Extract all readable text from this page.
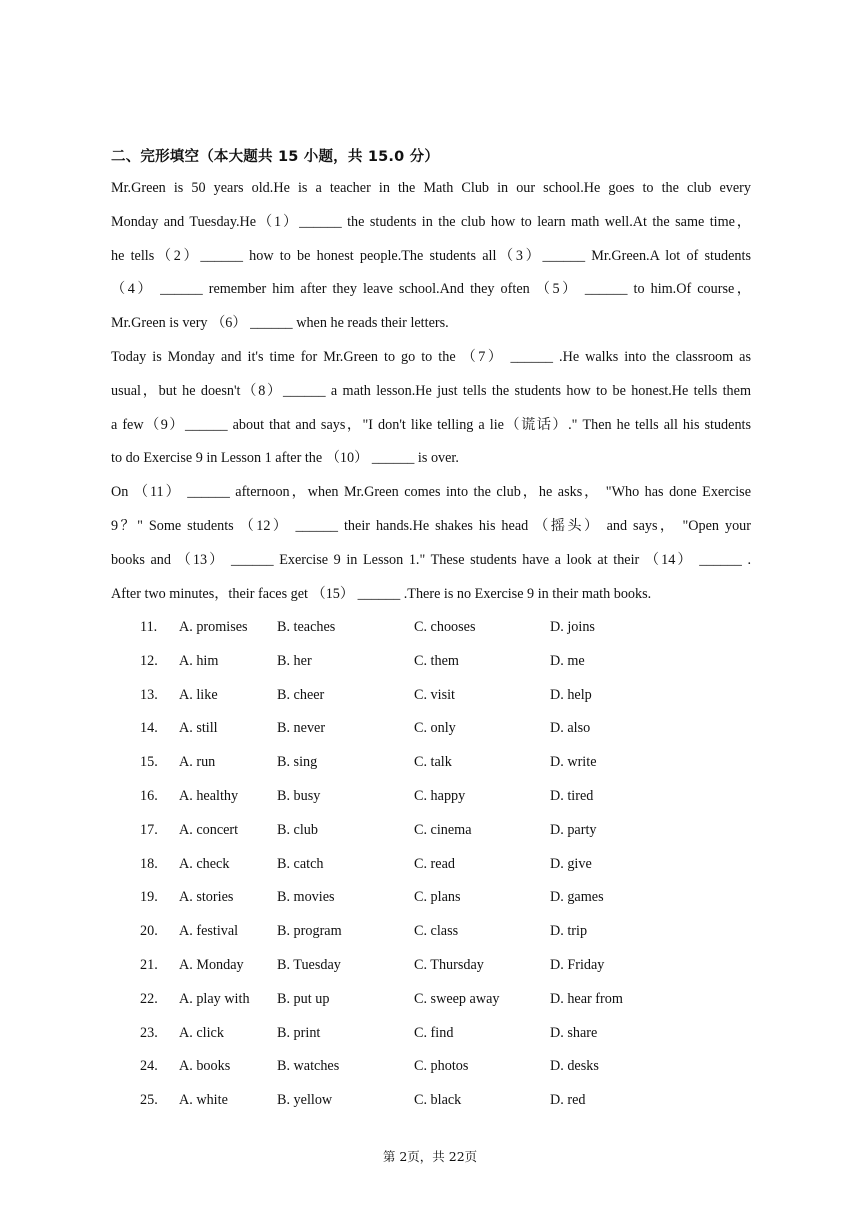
二、完形填空（本大题共 15 小题，共 15.0 分）
Mr.Green is 50 years old.He is a teacher in the Math Club in our school.He goes to the club every
Monday and Tuesday.He（1）______ the students in the club how to learn math well.At the same time，
he tells（2）______ how to be honest people.The students all（3）______ Mr.Green.A lot of students
（4） ______ remember him after they leave school.And they often （5） ______ to him.Of course，
Mr.Green is very （6） ______ when he reads their letters.
Today is Monday and it's time for Mr.Green to go to the （7） ______ .He walks into the classroom as
usual，but he doesn't（8）______ a math lesson.He just tells the students how to be honest.He tells them
a few（9）______ about that and says，"I don't like telling a lie（谎话）." Then he tells all his students
to do Exercise 9 in Lesson 1 after the （10） ______ is over.
On （11） ______ afternoon，when Mr.Green comes into the club，he asks， "Who has done Exercise
9？" Some students （12） ______ their hands.He shakes his head （摇头） and says， "Open your
books and （13） ______ Exercise 9 in Lesson 1." These students have a look at their （14） ______ .
After two minutes，their faces get （15） ______ .There is no Exercise 9 in their math books.
11. A. promises B. teaches	C. chooses	D. joins
12. A. him	B. her	C. them	D. me
13. A. like	B. cheer	C. visit	D. help
14. A. still	B. never	C. only	D. also
15. A. run	B. sing	C. talk	D. write
16. A. healthy	B. busy	C. happy	D. tired
17. A. concert	B. club	C. cinema	D. party
18. A. check	B. catch	C. read	D. give
19. A. stories	B. movies	C. plans	D. games
20. A. festival	B. program	C. class	D. trip
21. A. Monday B. Tuesday	C. Thursday	D. Friday
22. A. play with B. put up	C. sweep away	D. hear from
23. A. click	B. print	C. find	D. share
24. A. books	B. watches	C. photos	D. desks
25. A. white	B. yellow	C. black	D. red
第 2页，共 22页
